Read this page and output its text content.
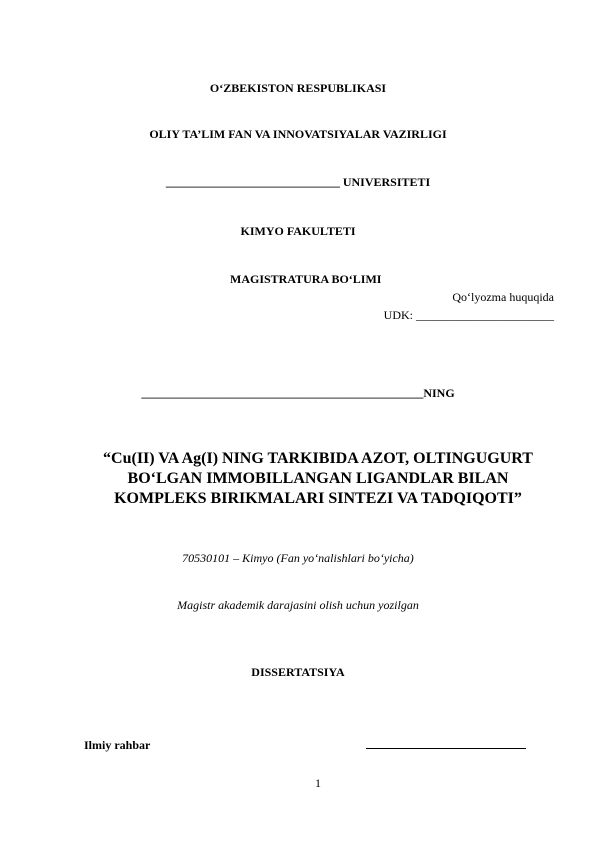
O‘ZBEKISTON RESPUBLIKASI
OLIY TA’LIM FAN VA INNOVATSIYALAR VAZIRLIGI
_____________________________ UNIVERSITETI
KIMYO FAKULTETI
MAGISTRATURA BO‘LIMI
Qo‘lyozma huquqida
UDK: _______________________
_______________________________________________NING
“Cu(II) VA Ag(I) NING TARKIBIDA AZOT, OLTINGUGURT
BO‘LGAN IMMOBILLANGAN LIGANDLAR BILAN
KOMPLEKS BIRIKMALARI SINTEZI VA TADQIQOTI”
70530101 – Kimyo (Fan yo‘nalishlari bo‘yicha)
Magistr akademik darajasini olish uchun yozilgan
DISSERTATSIYA
Ilmiy rahbar
1
